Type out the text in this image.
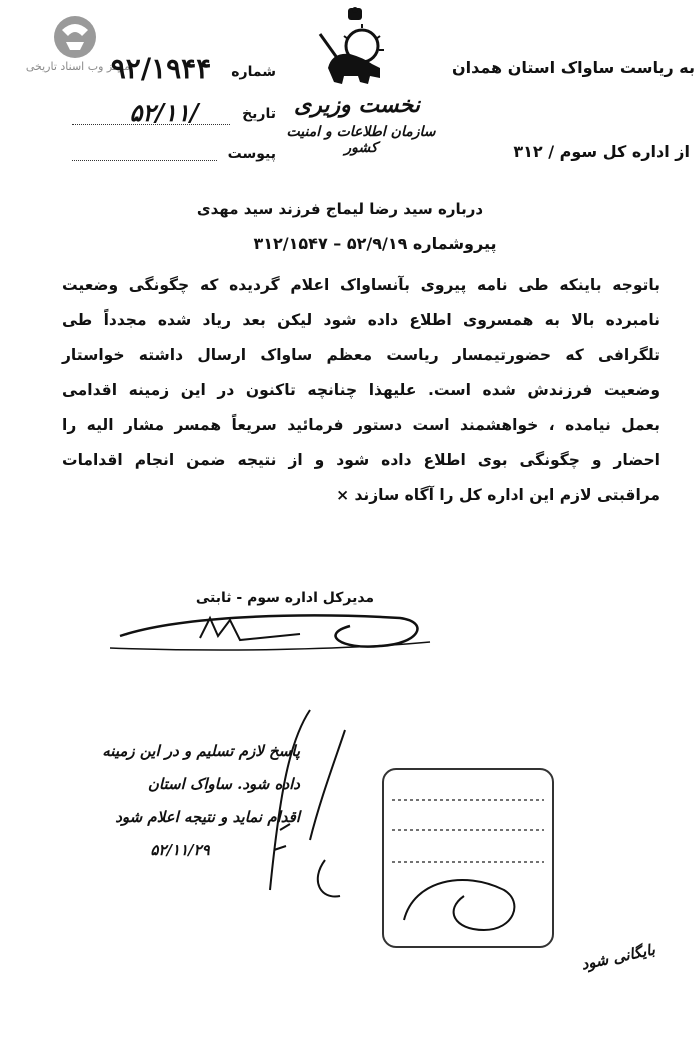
مرکز وب اسناد تاریخی	شماره
۹۲/۱۹۴۴
تاریخ
۵۲/۱۱/
پیوست
نخست وزیری
سازمان اطلاعات و امنیت کشور
به ریاست ساواک استان همدان
از اداره کل سوم / ۳۱۲
درباره سید رضا لیماج فرزند سید مهدی
پیروشماره ۵۲/۹/۱۹ – ۳۱۲/۱۵۴۷
باتوجه باینکه طی نامه پیروی بآنساواک اعلام گردیده که چگونگی وضعیت
نامبرده بالا به همسروی اطلاع داده شود لیکن بعد ریاد شده مجدداً طی
تلگرافی که حضورتیمسار ریاست معظم ساواک ارسال داشته خواستار
وضعیت فرزندش شده است. علیهذا چنانچه تاکنون در این زمینه اقدامی
بعمل نیامده ، خواهشمند است دستور فرمائید سریعاً همسر مشار الیه را
احضار و چگونگی بوی اطلاع داده شود و از نتیجه ضمن انجام اقدامات
مراقبتی لازم این اداره کل را آگاه سازند ×
مدیرکل اداره سوم - ثابتی
پاسخ لازم تسلیم و در این زمینه
داده شود. ساواک استان
اقدام نماید و نتیجه اعلام شود
۵۲/۱۱/۲۹
بایگانی شود
